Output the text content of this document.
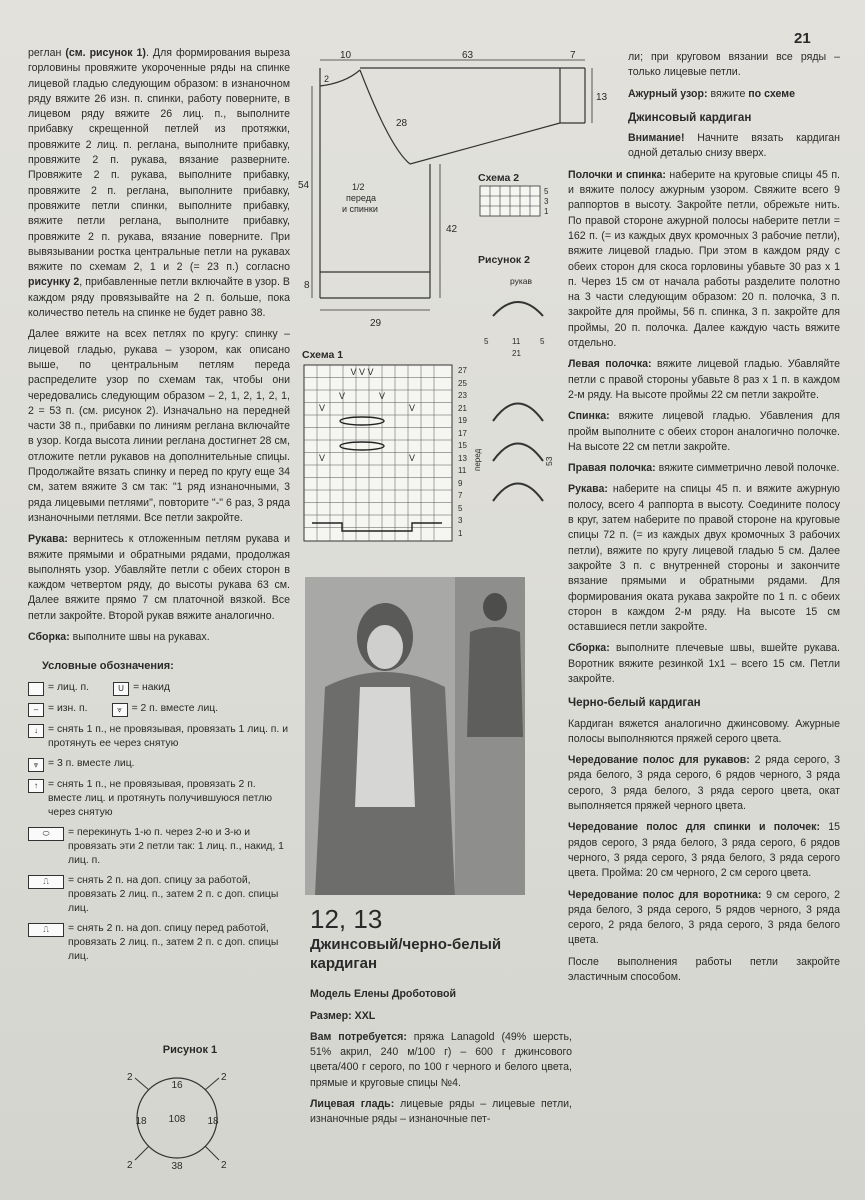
21

реглан (см. рисунок 1). Для формирования выреза горловины провяжите укороченные ряды на спинке лицевой гладью следующим образом: в изнаночном ряду вяжите 26 изн. п. спинки, работу поверните, в лицевом ряду вяжите 26 лиц. п., выполните прибавку скрещенной петлей из протяжки, провяжите 2 лиц. п. реглана, выполните прибавку, провяжите 2 п. рукава, вязание разверните. Провяжите 2 п. рукава, выполните прибавку, провяжите 2 п. реглана, выполните прибавку, провяжите петли спинки, выполните прибавку, вяжите петли реглана, выполните прибавку, провяжите 2 п. рукава, вязание поверните. При вывязывании ростка центральные петли на рукавах вяжите по схемам 2, 1 и 2 (= 23 п.) согласно рисунку 2, прибавленные петли включайте в узор. В каждом ряду провязывайте на 2 п. больше, пока количество петель на спинке не будет равно 38.

Далее вяжите на всех петлях по кругу: спинку – лицевой гладью, рукава – узором, как описано выше, по центральным петлям переда распределите узор по схемам так, чтобы они чередовались следующим образом – 2, 1, 2, 1, 2, 1, 2 = 53 п. (см. рисунок 2). Изначально на передней части 38 п., прибавки по линиям реглана включайте в узор. Когда высота линии реглана достигнет 28 см, отложите петли рукавов на дополнительные спицы. Продолжайте вязать спинку и перед по кругу еще 34 см, затем вяжите 3 см так: "1 ряд изнаночными, 3 ряда лицевыми петлями", повторите "-" 6 раз, 3 ряда изнаночными петлями. Все петли закройте.

Рукава: вернитесь к отложенным петлям рукава и вяжите прямыми и обратными рядами, продолжая выполнять узор. Убавляйте петли с обеих сторон в каждом четвертом ряду, до высоты рукава 63 см. Далее вяжите прямо 7 см платочной вязкой. Все петли закройте. Второй рукав вяжите аналогично.

Сборка: выполните швы на рукавах.

Условные обозначения:
= лиц. п.	U = накид
– = изн. п.	⩔ = 2 п. вместе лиц.
↓ = снять 1 п., не провязывая, провязать 1 лиц. п. и протянуть ее через снятую
⩔ = 3 п. вместе лиц.
↑ = снять 1 п., не провязывая, провязать 2 п. вместе лиц. и протянуть получившуюся петлю через снятую
⬭	= перекинуть 1-ю п. через 2-ю и 3-ю и провязать эти 2 петли так: 1 лиц. п., накид, 1 лиц. п.
⎍	= снять 2 п. на доп. спицу за работой, провязать 2 лиц. п., затем 2 п. с доп. спицы лиц.
⎍	= снять 2 п. на доп. спицу перед работой, провязать 2 лиц. п., затем 2 п. с доп. спицы лиц.
Рисунок 1
108
16
38
18	18
2	2
2	2
10	63	7
2
13
28
54
42
8
29
1/2
переда
и спинки
Схема 2
5
3
1
Рисунок 2
рукав
5	11 5
21
53
перед
Схема 1
V V V
V	V
V	V
V	V
27
25
23
21
19
17
15
13
11
9
7
5
3
1
12, 13
Джинсовый/черно-белый кардиган

Модель Елены Дроботовой

Размер: XXL

Вам потребуется: пряжа Lanagold (49% шерсть, 51% акрил, 240 м/100 г) – 600 г джинсового цвета/400 г серого, по 100 г черного и белого цвета, прямые и круговые спицы №4.

Лицевая гладь: лицевые ряды – лицевые петли, изнаночные ряды – изнаночные пет-

ли; при круговом вязании все ряды – только лицевые петли.

Ажурный узор: вяжите по схеме

Джинсовый кардиган

Внимание! Начните вязать кардиган одной деталью снизу вверх.

Полочки и спинка: наберите на круговые спицы 45 п. и вяжите полосу ажурным узором. Свяжите всего 9 раппортов в высоту. Закройте петли, обрежьте нить. По правой стороне ажурной полосы наберите петли = 162 п. (= из каждых двух кромочных 3 рабочие петли), вяжите лицевой гладью. При этом в каждом ряду с обеих сторон для скоса горловины убавьте 30 раз х 1 п. Через 15 см от начала работы разделите полотно на 3 части следующим образом: 20 п. полочка, 3 п. закройте для проймы, 56 п. спинка, 3 п. закройте для проймы, 20 п. полочка. Далее каждую часть вяжите отдельно.

Левая полочка: вяжите лицевой гладью. Убавляйте петли с правой стороны убавьте 8 раз х 1 п. в каждом 2-м ряду. На высоте проймы 22 см петли закройте.

Спинка: вяжите лицевой гладью. Убавления для пройм выполните с обеих сторон аналогично полочке. На высоте 22 см петли закройте.

Правая полочка: вяжите симметрично левой полочке.

Рукава: наберите на спицы 45 п. и вяжите ажурную полосу, всего 4 раппорта в высоту. Соедините полосу в круг, затем наберите по правой стороне на круговые спицы 72 п. (= из каждых двух кромочных 3 рабочих петли), вяжите по кругу лицевой гладью 5 см. Далее закройте 3 п. с внутренней стороны и закончите вязание прямыми и обратными рядами. Для формирования оката рукава закройте по 1 п. с обеих сторон в каждом 2-м ряду. На высоте 15 см оставшиеся петли закройте.

Сборка: выполните плечевые швы, вшейте рукава. Воротник вяжите резинкой 1х1 – всего 15 см. Петли закройте.

Черно-белый кардиган

Кардиган вяжется аналогично джинсовому. Ажурные полосы выполняются пряжей серого цвета.

Чередование полос для рукавов: 2 ряда серого, 3 ряда белого, 3 ряда серого, 6 рядов черного, 3 ряда серого, 3 ряда белого, 3 ряда серого цвета, окат выполняется пряжей черного цвета.

Чередование полос для спинки и полочек: 15 рядов серого, 3 ряда белого, 3 ряда серого, 6 рядов черного, 3 ряда серого, 3 ряда белого, 3 ряда серого цвета. Пройма: 20 см черного, 2 см серого цвета.

Чередование полос для воротника: 9 см серого, 2 ряда белого, 3 ряда серого, 5 рядов черного, 3 ряда серого, 2 ряда белого, 3 ряда серого, 3 ряда белого цвета.

После выполнения работы петли закройте эластичным способом.
